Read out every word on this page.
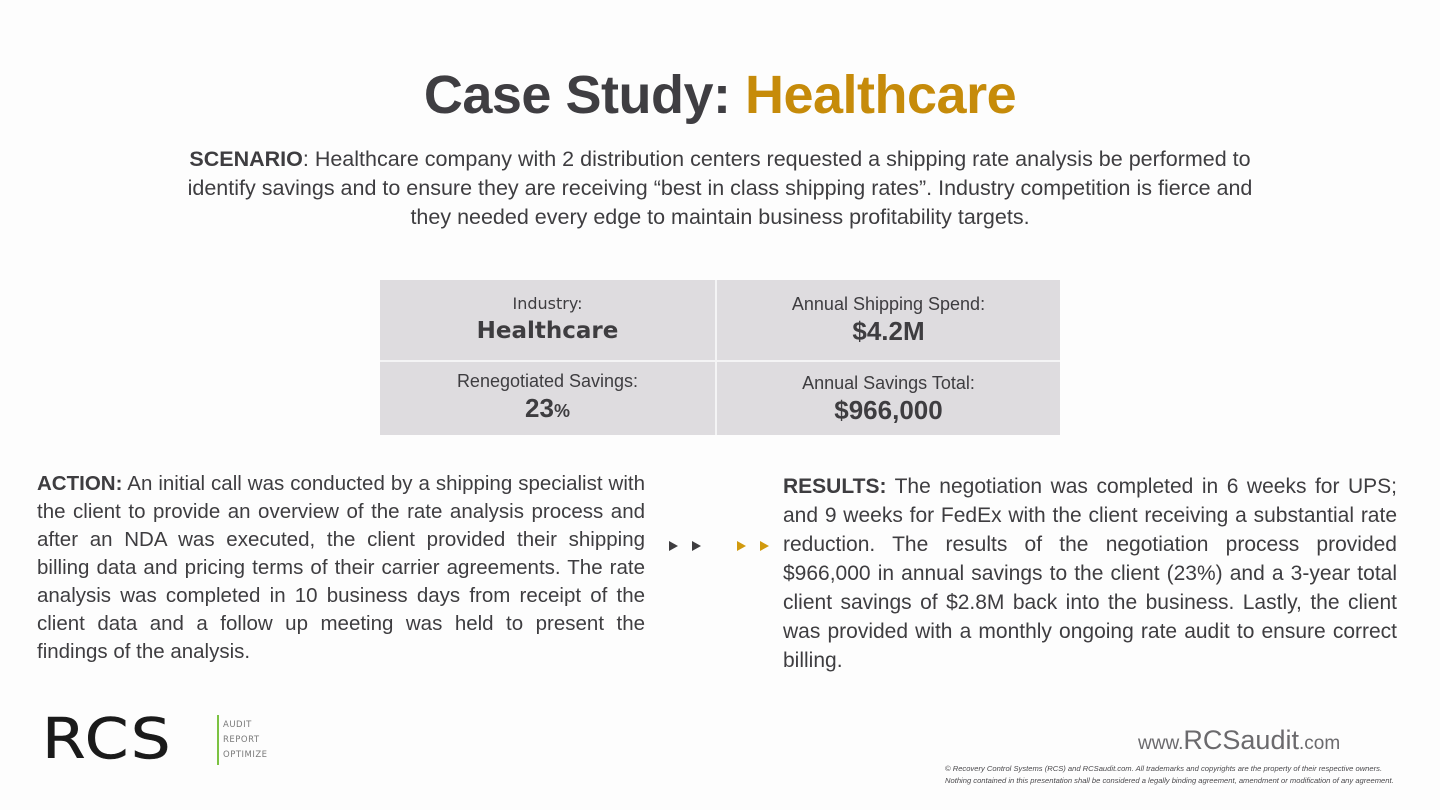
Case Study: Healthcare
SCENARIO: Healthcare company with 2 distribution centers requested a shipping rate analysis be performed to identify savings and to ensure they are receiving “best in class shipping rates”. Industry competition is fierce and they needed every edge to maintain business profitability targets.
Industry:
Healthcare
Annual Shipping Spend:
$4.2M
Renegotiated Savings:
23%
Annual Savings Total:
$966,000
ACTION: An initial call was conducted by a shipping specialist with the client to provide an overview of the rate analysis process and after an NDA was executed, the client provided their shipping billing data and pricing terms of their carrier agreements. The rate analysis was completed in 10 business days from receipt of the client data and a follow up meeting was held to present the findings of the analysis.
RESULTS: The negotiation was completed in 6 weeks for UPS; and 9 weeks for FedEx with the client receiving a substantial rate reduction. The results of the negotiation process provided $966,000 in annual savings to the client (23%) and a 3-year total client savings of $2.8M back into the business. Lastly, the client was provided with a monthly ongoing rate audit to ensure correct billing.
RCS	AUDIT
REPORT
OPTIMIZE
www.RCSaudit.com
© Recovery Control Systems (RCS) and RCSaudit.com. All trademarks and copyrights are the property of their respective owners.
Nothing contained in this presentation shall be considered a legally binding agreement, amendment or modification of any agreement.
